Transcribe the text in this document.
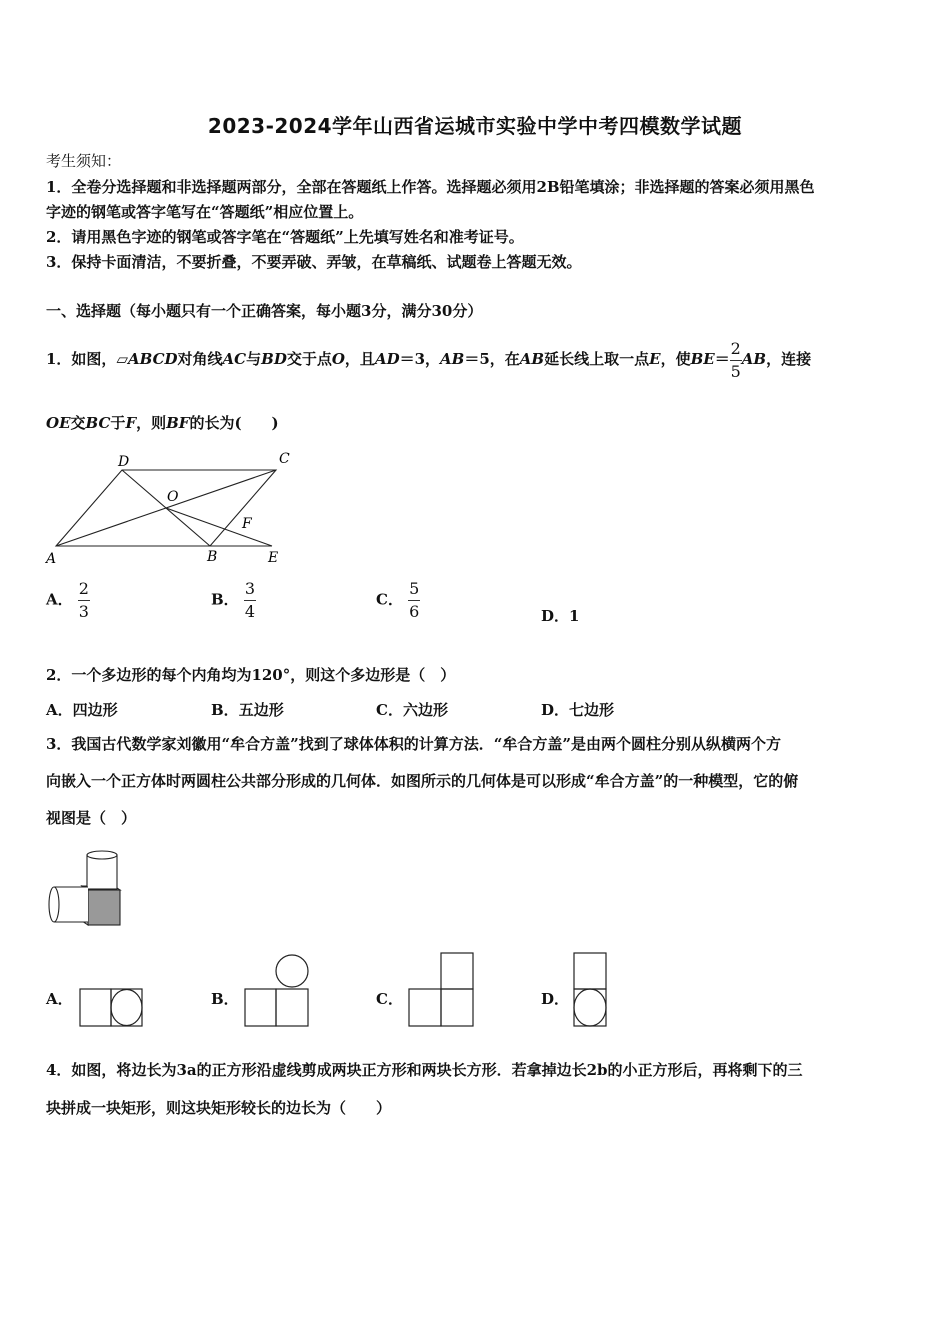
2023-2024学年山西省运城市实验中学中考四模数学试题
考生须知：
1．全卷分选择题和非选择题两部分，全部在答题纸上作答。选择题必须用2B铅笔填涂；非选择题的答案必须用黑色
字迹的钢笔或答字笔写在“答题纸”相应位置上。
2．请用黑色字迹的钢笔或答字笔在“答题纸”上先填写姓名和准考证号。
3．保持卡面清洁，不要折叠，不要弄破、弄皱，在草稿纸、试题卷上答题无效。
一、选择题（每小题只有一个正确答案，每小题3分，满分30分）
1．如图，▱ABCD对角线AC与BD交于点O，且AD＝3，AB＝5，在AB延长线上取一点E，使$BE= \frac{2}{5}$ AB，连接
OE交BC于F，则BF的长为(　　)
D	C
O
F
A	B	E
A． $\frac{2}{3}$	B． $\frac{3}{4}$	C． $\frac{5}{6}$	D．1
2．一个多边形的每个内角均为120°，则这个多边形是（　）
A．四边形	B．五边形	C．六边形	D．七边形
3．我国古代数学家刘徽用“牟合方盖”找到了球体体积的计算方法．“牟合方盖”是由两个圆柱分别从纵横两个方
向嵌入一个正方体时两圆柱公共部分形成的几何体．如图所示的几何体是可以形成“牟合方盖”的一种模型，它的俯
视图是（　）
A．	B．	C．	D．
4．如图，将边长为3a的正方形沿虚线剪成两块正方形和两块长方形．若拿掉边长2b的小正方形后，再将剩下的三
块拼成一块矩形，则这块矩形较长的边长为（　　）
